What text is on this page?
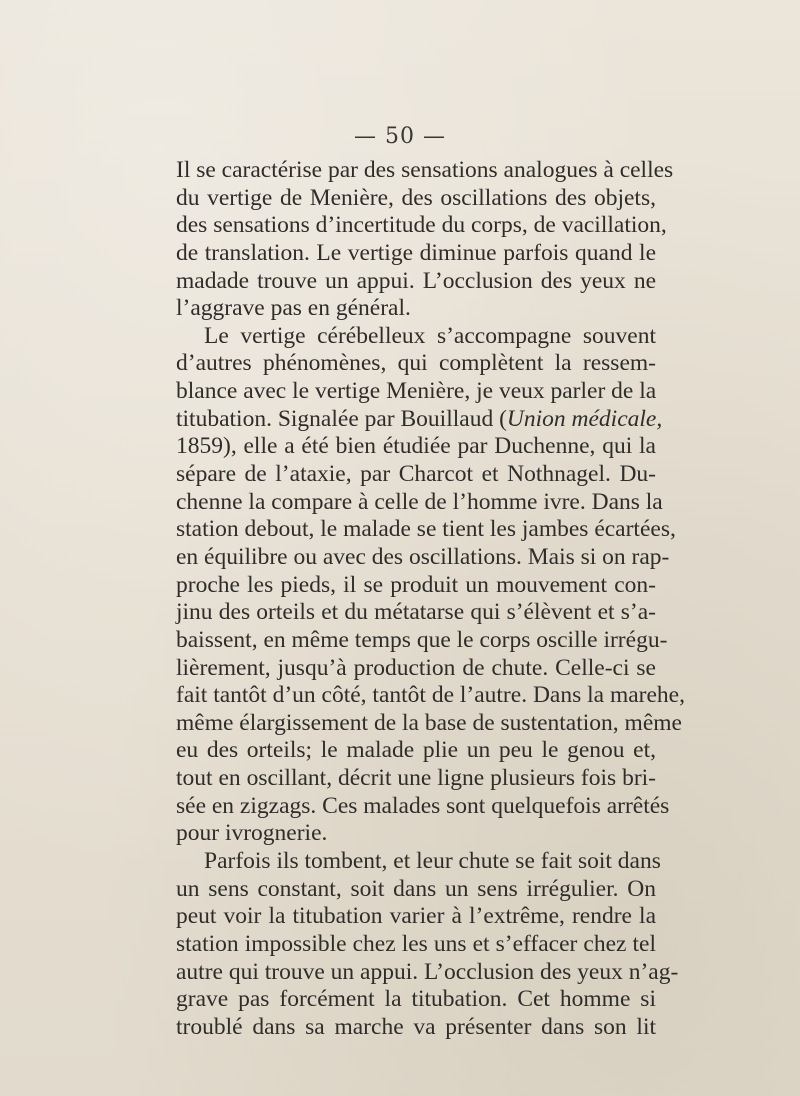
— 50 —
Il se caractérise par des sensations analogues à celles
du vertige de Menière, des oscillations des objets,
des sensations d’incertitude du corps, de vacillation,
de translation. Le vertige diminue parfois quand le
madade trouve un appui. L’occlusion des yeux ne
l’aggrave pas en général.
Le vertige cérébelleux s’accompagne souvent
d’autres phénomènes, qui complètent la ressem-
blance avec le vertige Menière, je veux parler de la
titubation. Signalée par Bouillaud (Union médicale,
1859), elle a été bien étudiée par Duchenne, qui la
sépare de l’ataxie, par Charcot et Nothnagel. Du-
chenne la compare à celle de l’homme ivre. Dans la
station debout, le malade se tient les jambes écartées,
en équilibre ou avec des oscillations. Mais si on rap-
proche les pieds, il se produit un mouvement con-
jinu des orteils et du métatarse qui s’élèvent et s’a-
baissent, en même temps que le corps oscille irrégu-
lièrement, jusqu’à production de chute. Celle-ci se
fait tantôt d’un côté, tantôt de l’autre. Dans la marehe,
même élargissement de la base de sustentation, même
eu des orteils; le malade plie un peu le genou et,
tout en oscillant, décrit une ligne plusieurs fois bri-
sée en zigzags. Ces malades sont quelquefois arrêtés
pour ivrognerie.
Parfois ils tombent, et leur chute se fait soit dans
un sens constant, soit dans un sens irrégulier. On
peut voir la titubation varier à l’extrême, rendre la
station impossible chez les uns et s’effacer chez tel
autre qui trouve un appui. L’occlusion des yeux n’ag-
grave pas forcément la titubation. Cet homme si
troublé dans sa marche va présenter dans son lit
